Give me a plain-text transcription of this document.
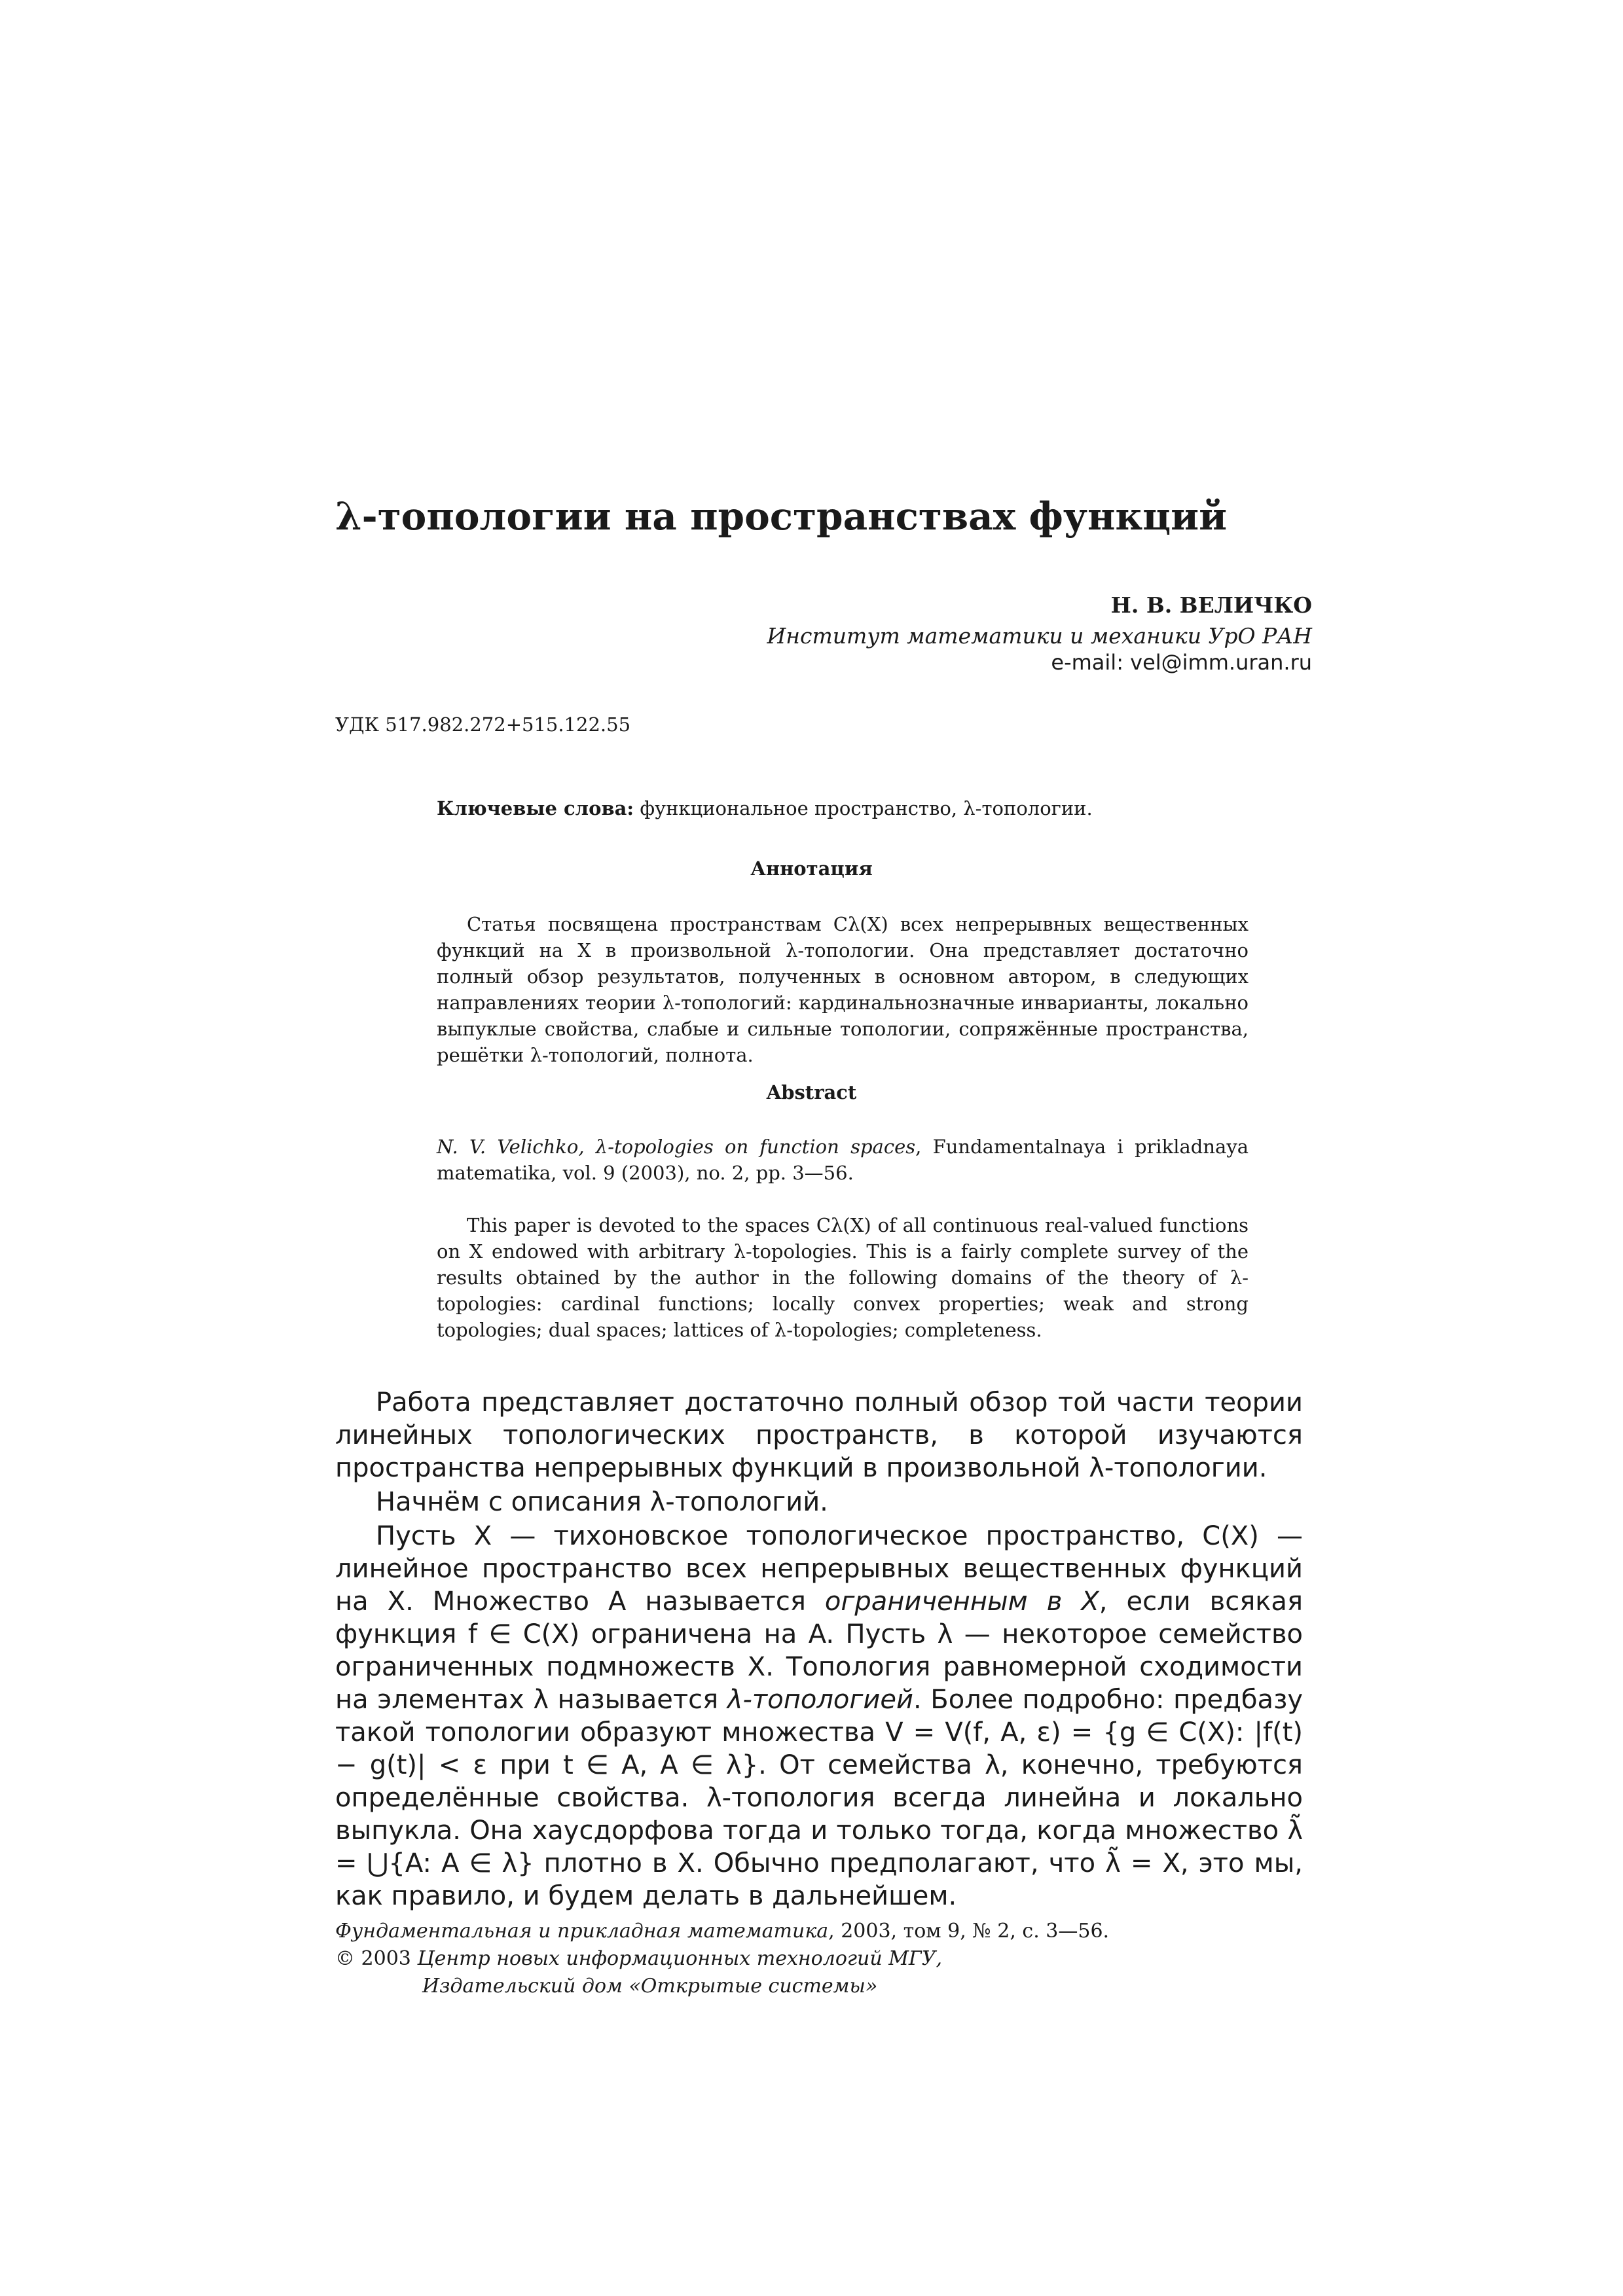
λ-топологии на пространствах функций
Н. В. ВЕЛИЧКО
Институт математики и механики УрО РАН
e-mail: vel@imm.uran.ru
УДК 517.982.272+515.122.55
Ключевые слова: функциональное пространство, λ-топологии.
Аннотация
Статья посвящена пространствам Cλ(X) всех непрерывных вещественных функций на X в произвольной λ-топологии. Она представляет достаточно полный обзор результатов, полученных в основном автором, в следующих направлениях теории λ-топологий: кардинальнозначные инварианты, локально выпуклые свойства, слабые и сильные топологии, сопряжённые пространства, решётки λ-топологий, полнота.
Abstract
N. V. Velichko, λ-topologies on function spaces, Fundamentalnaya i prikladnaya matematika, vol. 9 (2003), no. 2, pp. 3—56.
This paper is devoted to the spaces Cλ(X) of all continuous real-valued functions on X endowed with arbitrary λ-topologies. This is a fairly complete survey of the results obtained by the author in the following domains of the theory of λ-topologies: cardinal functions; locally convex properties; weak and strong topologies; dual spaces; lattices of λ-topologies; completeness.
Работа представляет достаточно полный обзор той части теории линейных топологических пространств, в которой изучаются пространства непрерывных функций в произвольной λ-топологии.
Начнём с описания λ-топологий.
Пусть X — тихоновское топологическое пространство, C(X) — линейное пространство всех непрерывных вещественных функций на X. Множество A называется ограниченным в X, если всякая функция f ∈ C(X) ограничена на A. Пусть λ — некоторое семейство ограниченных подмножеств X. Топология равномерной сходимости на элементах λ называется λ-топологией. Более подробно: предбазу такой топологии образуют множества V = V(f, A, ε) = {g ∈ C(X): |f(t) − g(t)| < ε при t ∈ A, A ∈ λ}. От семейства λ, конечно, требуются определённые свойства. λ-топология всегда линейна и локально выпукла. Она хаусдорфова тогда и только тогда, когда множество λ̃ = ⋃{A: A ∈ λ} плотно в X. Обычно предполагают, что λ̃ = X, это мы, как правило, и будем делать в дальнейшем.
Фундаментальная и прикладная математика, 2003, том 9, № 2, с. 3—56.
© 2003 Центр новых информационных технологий МГУ,
Издательский дом «Открытые системы»
